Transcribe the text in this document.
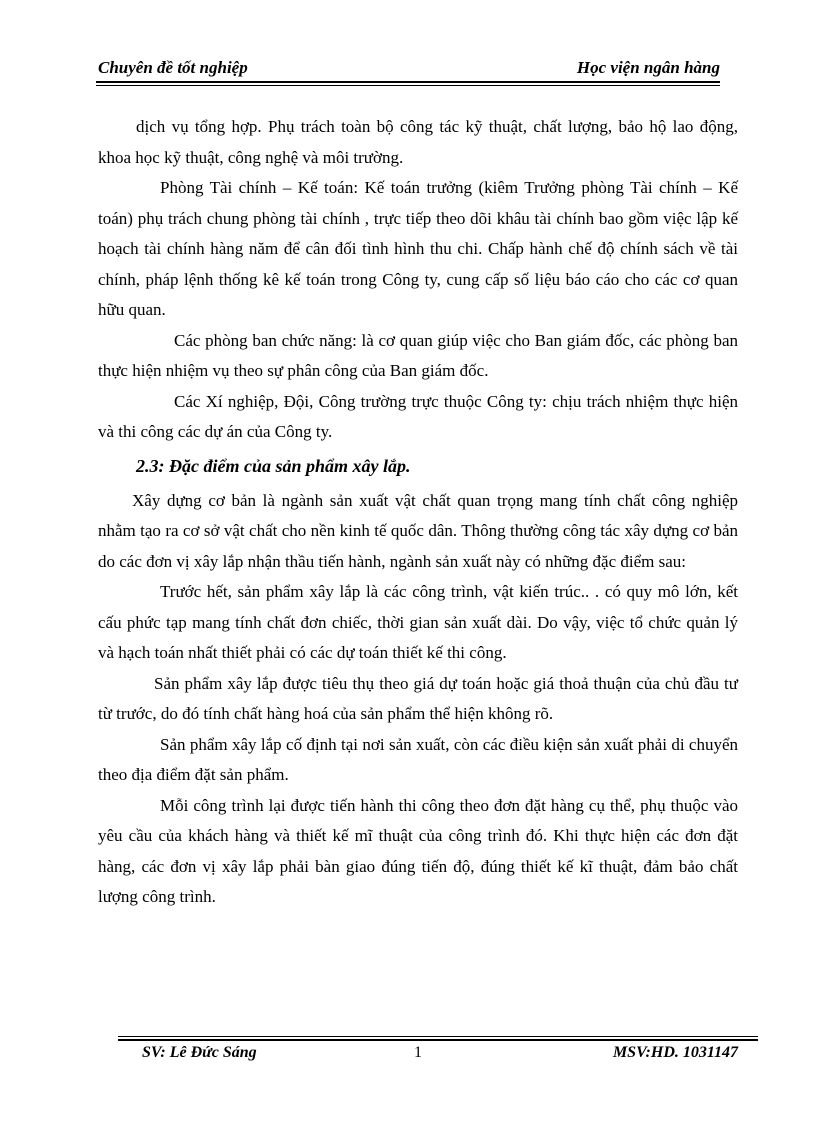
Chuyên đề tốt nghiệp	Học viện ngân hàng

dịch vụ tổng hợp. Phụ trách toàn bộ công tác kỹ thuật, chất lượng, bảo hộ lao động, khoa học kỹ thuật, công nghệ và môi trường.

Phòng Tài chính – Kế toán: Kế toán trưởng (kiêm Trưởng phòng Tài chính – Kế toán) phụ trách chung phòng tài chính , trực tiếp theo dõi khâu tài chính bao gồm việc lập kế hoạch tài chính hàng năm để cân đối tình hình thu chi. Chấp hành chế độ chính sách về tài chính, pháp lệnh thống kê kế toán trong Công ty, cung cấp số liệu báo cáo cho các cơ quan hữu quan.

Các phòng ban chức năng: là cơ quan giúp việc cho Ban giám đốc, các phòng ban thực hiện nhiệm vụ theo sự phân công của Ban giám đốc.

Các Xí nghiệp, Đội, Công trường trực thuộc Công ty: chịu trách nhiệm thực hiện và thi công các dự án của Công ty.

2.3: Đặc điểm của sản phẩm xây lắp.

Xây dựng cơ bản là ngành sản xuất vật chất quan trọng mang tính chất công nghiệp nhằm tạo ra cơ sở vật chất cho nền kinh tế quốc dân. Thông thường công tác xây dựng cơ bản do các đơn vị xây lắp nhận thầu tiến hành, ngành sản xuất này có những đặc điểm sau:

Trước hết, sản phẩm xây lắp là các công trình, vật kiến trúc.. . có quy mô lớn, kết cấu phức tạp mang tính chất đơn chiếc, thời gian sản xuất dài. Do vậy, việc tổ chức quản lý và hạch toán nhất thiết phải có các dự toán thiết kế thi công.

Sản phẩm xây lắp được tiêu thụ theo giá dự toán hoặc giá thoả thuận của chủ đầu tư từ trước, do đó tính chất hàng hoá của sản phẩm thể hiện không rõ.

Sản phẩm xây lắp cố định tại nơi sản xuất, còn các điều kiện sản xuất phải di chuyển theo địa điểm đặt sản phẩm.

Mỗi công trình lại được tiến hành thi công theo đơn đặt hàng cụ thể, phụ thuộc vào yêu cầu của khách hàng và thiết kế mĩ thuật của công trình đó. Khi thực hiện các đơn đặt hàng, các đơn vị xây lắp phải bàn giao đúng tiến độ, đúng thiết kế kĩ thuật, đảm bảo chất lượng công trình.

SV: Lê Đức Sáng	1	MSV:HD. 1031147
